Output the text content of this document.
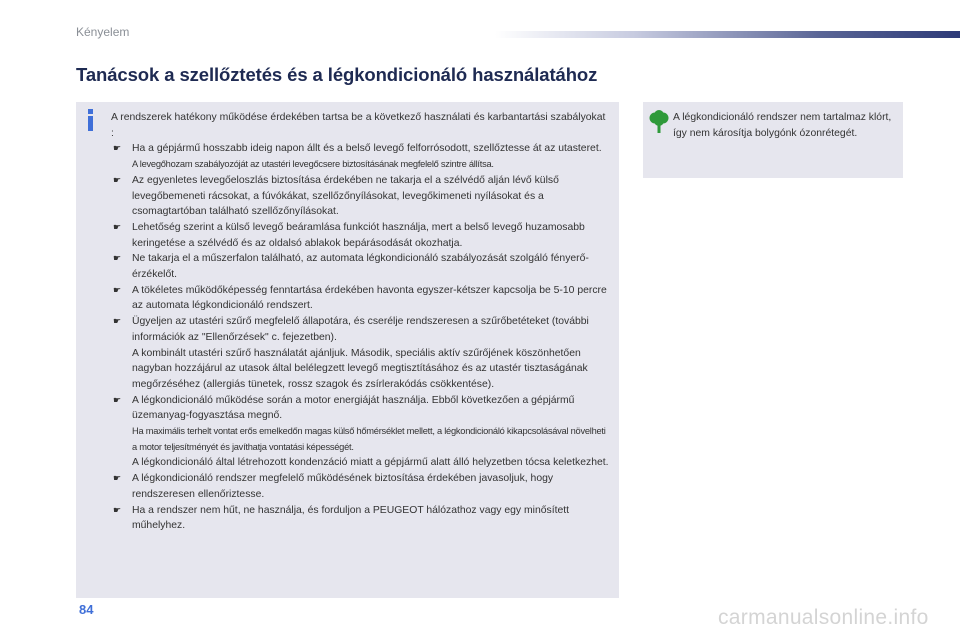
Kényelem
Tanácsok a szellőztetés és a légkondicionáló használatához

A rendszerek hatékony működése érdekében tartsa be a következő használati és karbantartási szabályokat :

☛ Ha a gépjármű hosszabb ideig napon állt és a belső levegő felforrósodott, szellőztesse át az utasteret.
A levegőhozam szabályozóját az utastéri levegőcsere biztosításának megfelelő szintre állítsa.
☛ Az egyenletes levegőeloszlás biztosítása érdekében ne takarja el a szélvédő alján lévő külső levegőbemeneti rácsokat, a fúvókákat, szellőzőnyílásokat, levegőkimeneti nyílásokat és a csomagtartóban található szellőzőnyílásokat.
☛ Lehetőség szerint a külső levegő beáramlása funkciót használja, mert a belső levegő huzamosabb keringetése a szélvédő és az oldalsó ablakok bepárásodását okozhatja.
☛ Ne takarja el a műszerfalon található, az automata légkondicionáló szabályozását szolgáló fényerő-érzékelőt.
☛ A tökéletes működőképesség fenntartása érdekében havonta egyszer-kétszer kapcsolja be 5-10 percre az automata légkondicionáló rendszert.
☛ Ügyeljen az utastéri szűrő megfelelő állapotára, és cserélje rendszeresen a szűrőbetéteket (további információk az "Ellenőrzések" c. fejezetben).
A kombinált utastéri szűrő használatát ajánljuk. Második, speciális aktív szűrőjének köszönhetően nagyban hozzájárul az utasok által belélegzett levegő megtisztításához és az utastér tisztaságának megőrzéséhez (allergiás tünetek, rossz szagok és zsírlerakódás csökkentése).
☛ A légkondicionáló működése során a motor energiáját használja. Ebből következően a gépjármű üzemanyag-fogyasztása megnő.
Ha maximális terhelt vontat erős emelkedőn magas külső hőmérséklet mellett, a légkondicionáló kikapcsolásával növelheti a motor teljesítményét és javíthatja vontatási képességét.
A légkondicionáló által létrehozott kondenzáció miatt a gépjármű alatt álló helyzetben tócsa keletkezhet.
☛ A légkondicionáló rendszer megfelelő működésének biztosítása érdekében javasoljuk, hogy rendszeresen ellenőriztesse.
☛ Ha a rendszer nem hűt, ne használja, és forduljon a PEUGEOT hálózathoz vagy egy minősített műhelyhez.
A légkondicionáló rendszer nem tartalmaz klórt, így nem károsítja bolygónk ózonrétegét.
84	carmanualsonline.info
